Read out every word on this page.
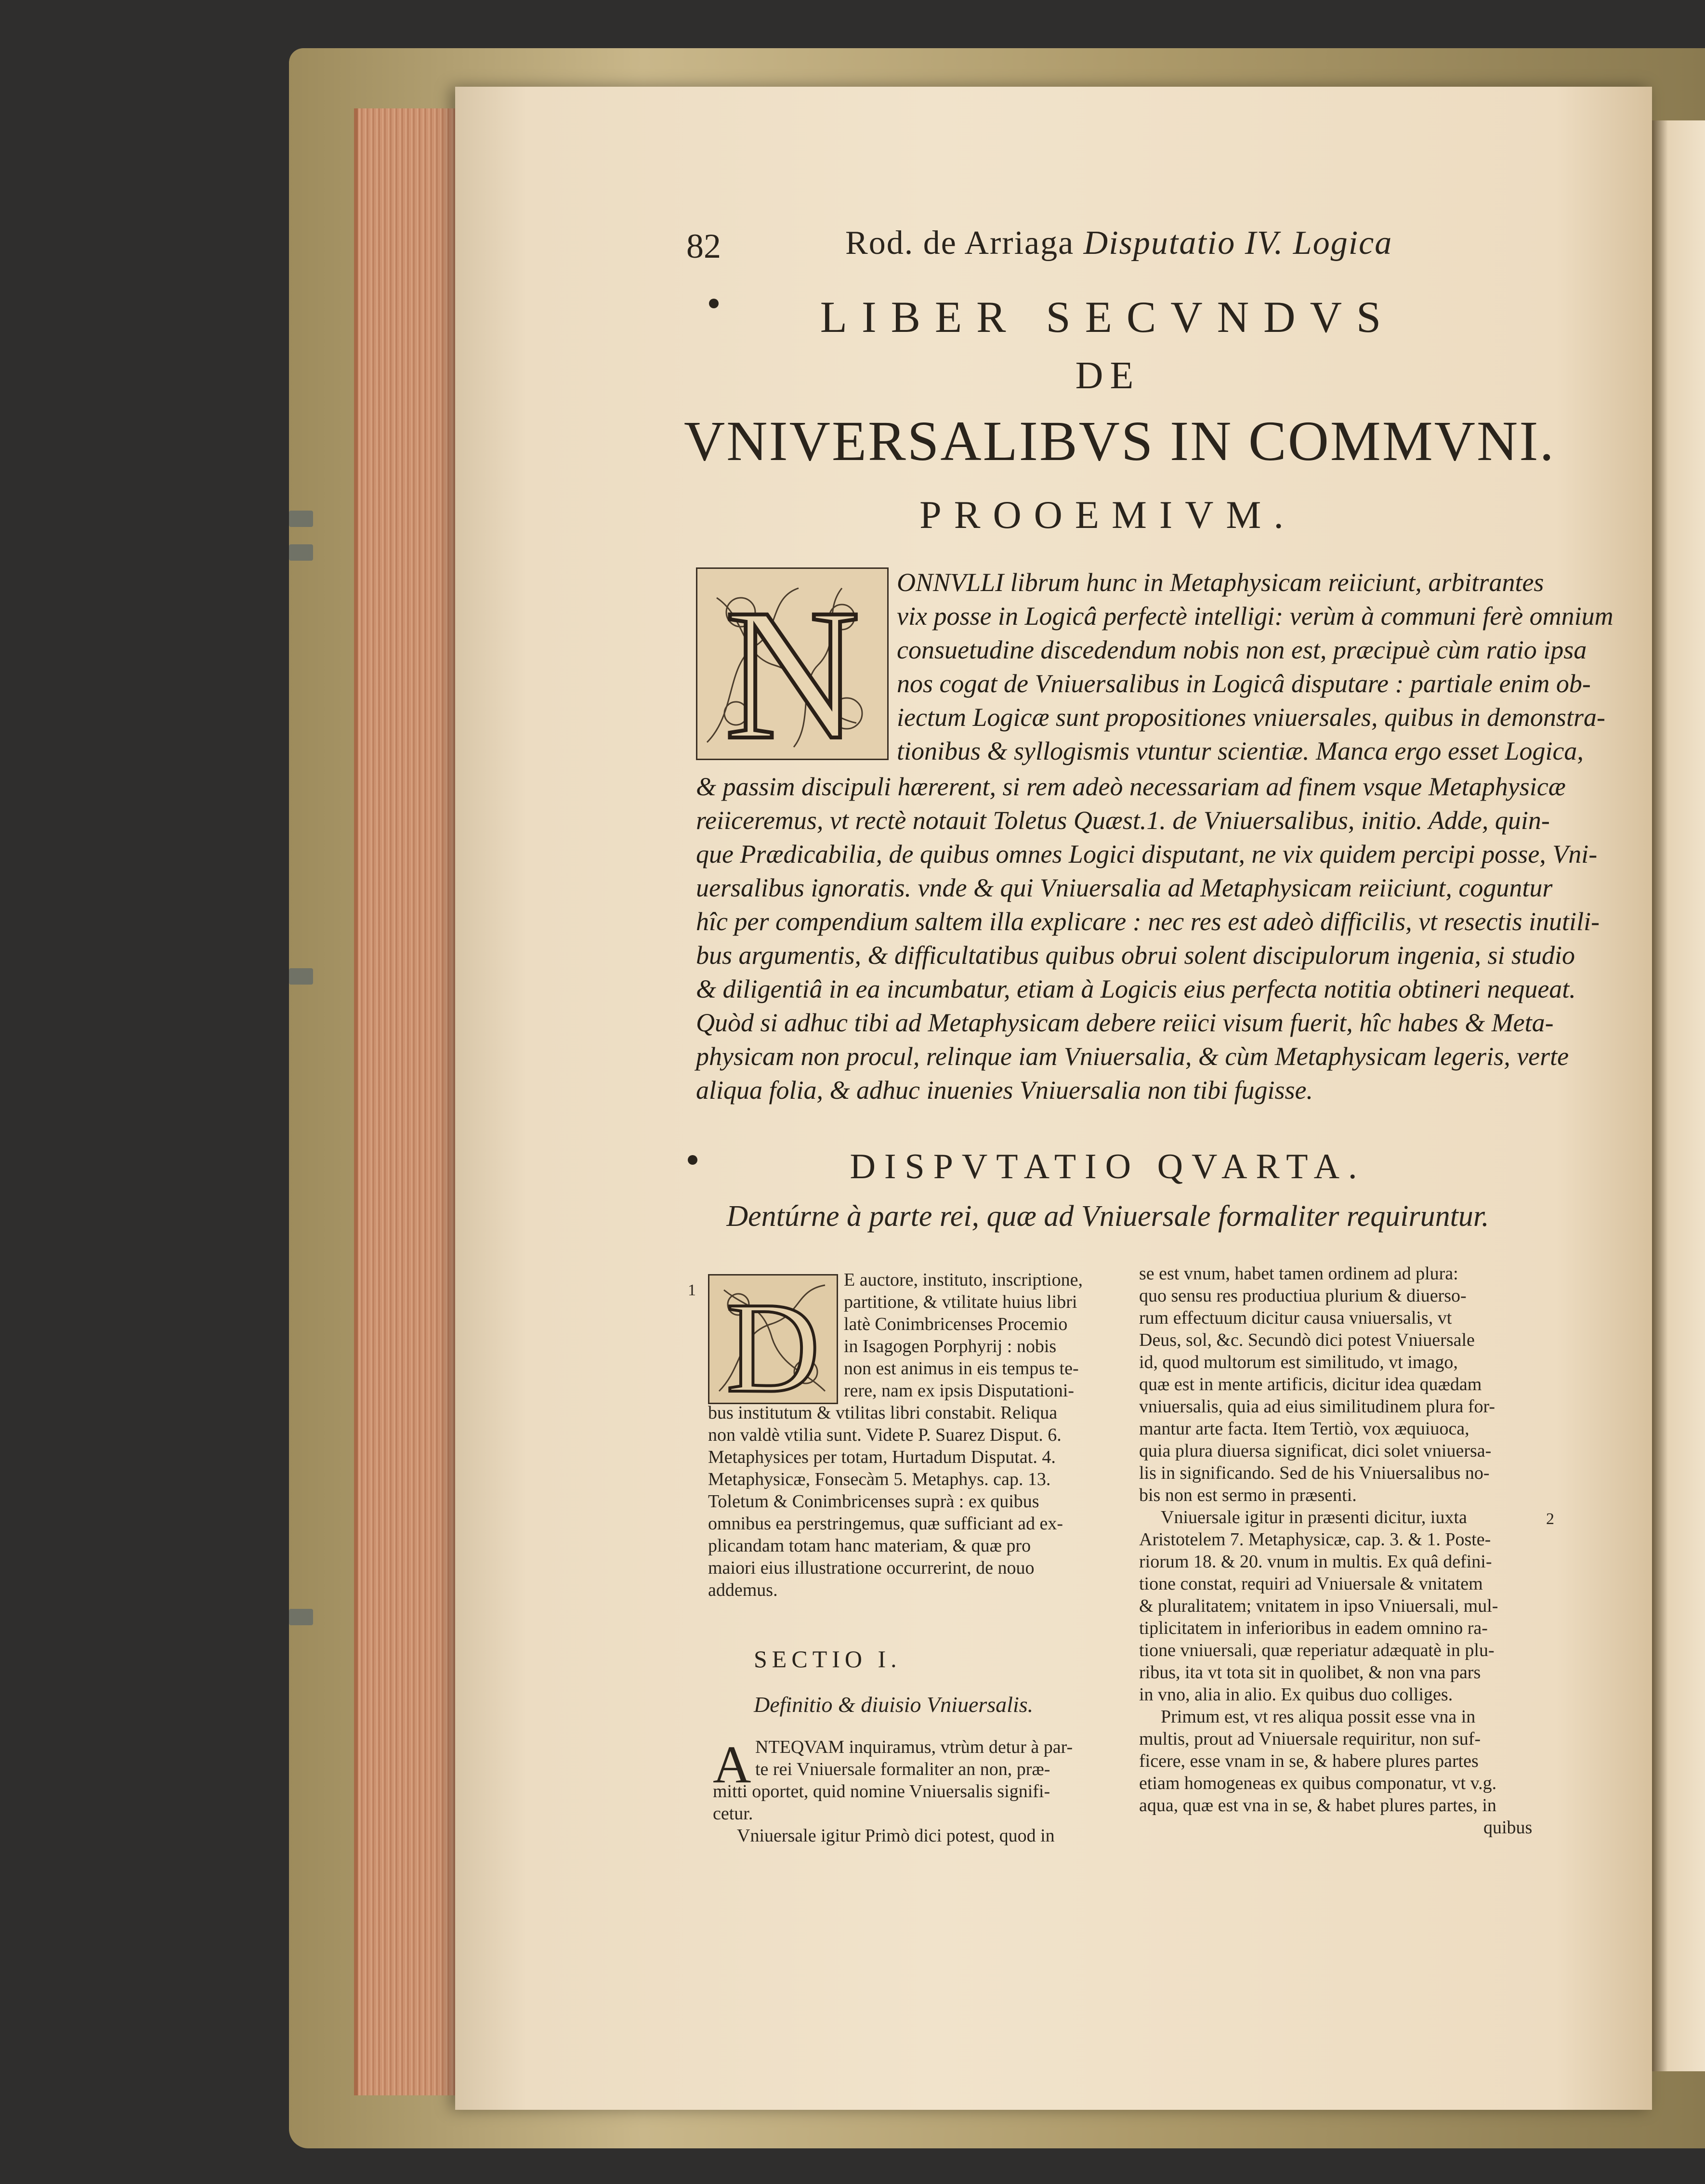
82	Rod. de Arriaga Disputatio IV. Logica
LIBER SECVNDVS
DE
VNIVERSALIBVS IN COMMVNI.
PROOEMIVM.
N ONNVLLI librum hunc in Metaphysicam reiiciunt, arbitrantes
vix posse in Logicâ perfectè intelligi: verùm à communi ferè omnium
consuetudine discedendum nobis non est, præcipuè cùm ratio ipsa
nos cogat de Vniuersalibus in Logicâ disputare : partiale enim ob-
iectum Logicæ sunt propositiones vniuersales, quibus in demonstra-
tionibus & syllogismis vtuntur scientiæ. Manca ergo esset Logica,
& passim discipuli hærerent, si rem adeò necessariam ad finem vsque Metaphysicæ
reiiceremus, vt rectè notauit Toletus Quæst.1. de Vniuersalibus, initio. Adde, quin-
que Prædicabilia, de quibus omnes Logici disputant, ne vix quidem percipi posse, Vni-
uersalibus ignoratis. vnde & qui Vniuersalia ad Metaphysicam reiiciunt, coguntur
hîc per compendium saltem illa explicare : nec res est adeò difficilis, vt resectis inutili-
bus argumentis, & difficultatibus quibus obrui solent discipulorum ingenia, si studio
& diligentiâ in ea incumbatur, etiam à Logicis eius perfecta notitia obtineri nequeat.
Quòd si adhuc tibi ad Metaphysicam debere reiici visum fuerit, hîc habes & Meta-
physicam non procul, relinque iam Vniuersalia, & cùm Metaphysicam legeris, verte
aliqua folia, & adhuc inuenies Vniuersalia non tibi fugisse.
DISPVTATIO QVARTA.
Dentúrne à parte rei, quæ ad Vniuersale formaliter requiruntur.
1 D E auctore, instituto, inscriptione,
partitione, & vtilitate huius libri
latè Conimbricenses Procemio
in Isagogen Porphyrij : nobis
non est animus in eis tempus te-
rere, nam ex ipsis Disputationi-
bus institutum & vtilitas libri constabit. Reliqua
non valdè vtilia sunt. Videte P. Suarez Disput. 6.
Metaphysices per totam, Hurtadum Disputat. 4.
Metaphysicæ, Fonsecàm 5. Metaphys. cap. 13.
Toletum & Conimbricenses suprà : ex quibus
omnibus ea perstringemus, quæ sufficiant ad ex-
plicandam totam hanc materiam, & quæ pro
maiori eius illustratione occurrerint, de nouo
addemus.
SECTIO I.
Definitio & diuisio Vniuersalis.
A NTEQVAM inquiramus, vtrùm detur à par-
te rei Vniuersale formaliter an non, præ-
mitti oportet, quid nomine Vniuersalis signifi-
cetur.
Vniuersale igitur Primò dici potest, quod in
se est vnum, habet tamen ordinem ad plura:
quo sensu res productiua plurium & diuerso-
rum effectuum dicitur causa vniuersalis, vt
Deus, sol, &c. Secundò dici potest Vniuersale
id, quod multorum est similitudo, vt imago,
quæ est in mente artificis, dicitur idea quædam
vniuersalis, quia ad eius similitudinem plura for-
mantur arte facta. Item Tertiò, vox æquiuoca,
quia plura diuersa significat, dici solet vniuersa-
lis in significando. Sed de his Vniuersalibus no-
bis non est sermo in præsenti.
Vniuersale igitur in præsenti dicitur, iuxta	2
Aristotelem 7. Metaphysicæ, cap. 3. & 1. Poste-
riorum 18. & 20. vnum in multis. Ex quâ defini-
tione constat, requiri ad Vniuersale & vnitatem
& pluralitatem; vnitatem in ipso Vniuersali, mul-
tiplicitatem in inferioribus in eadem omnino ra-
tione vniuersali, quæ reperiatur adæquatè in plu-
ribus, ita vt tota sit in quolibet, & non vna pars
in vno, alia in alio. Ex quibus duo colliges.
Primum est, vt res aliqua possit esse vna in
multis, prout ad Vniuersale requiritur, non suf-
ficere, esse vnam in se, & habere plures partes
etiam homogeneas ex quibus componatur, vt v.g.
aqua, quæ est vna in se, & habet plures partes, in
quibus
